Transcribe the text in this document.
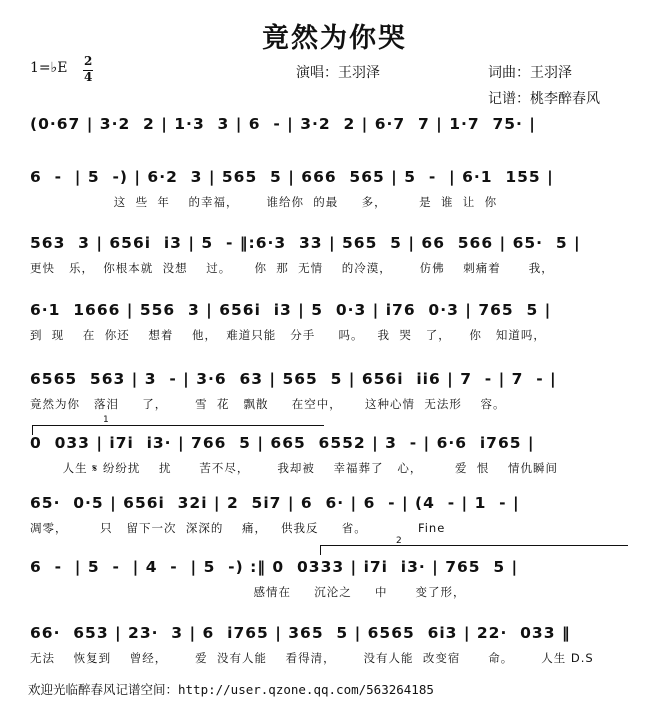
竟然为你哭
1=♭E 2
4	演唱：王羽泽	词曲：王羽泽
记谱：桃李醉春风
(0·67 | 3·2  2 | 1·3  3 | 6  - | 3·2  2 | 6·7  7 | 1·7  75· |
6  -  | 5  -) | 6·2  3 | 565  5 | 666  565 | 5  -  | 6·1  155 |
这  些  年    的幸福，      谁给你  的最     多，       是  谁  让  你
563  3 | 656i  i3 | 5  - ‖:6·3  33 | 565  5 | 66  566 | 65·  5 |
更快   乐，  你根本就  没想    过。     你  那  无情    的冷漠，      仿佛    刺痛着      我，
6·1  1666 | 556  3 | 656i  i3 | 5  0·3 | i76  0·3 | 765  5 |
到  现    在  你还    想着    他，  难道只能   分手     吗。   我  哭   了，    你   知道吗，
6565  563 | 3  - | 3·6  63 | 565  5 | 656i  ii6 | 7  - | 7  - |
竟然为你   落泪     了，      雪  花   飘散     在空中，     这种心情  无法形    容。
1
0  033 | i7i  i3· | 766  5 | 665  6552 | 3  - | 6·6  i765 |
人生 𝄋 纷纷扰    扰      苦不尽，      我却被    幸福葬了   心，       爱  恨    情仇瞬间
65·  0·5 | 656i  32i | 2  5i7 | 6  6· | 6  - | (4  - | 1  - |
凋零，       只   留下一次  深深的    痛，   供我反     省。           Fine
2
6  -  | 5  -  | 4  -  | 5  -) :‖ 0  0333 | i7i  i3· | 765  5 |
感情在     沉沦之     中      变了形，
66·  653 | 23·  3 | 6  i765 | 365  5 | 6565  6i3 | 22·  033 ‖
无法    恢复到    曾经，      爱  没有人能    看得清，      没有人能  改变宿      命。      人生 D.S
欢迎光临醉春风记谱空间：http://user.qzone.qq.com/563264185
